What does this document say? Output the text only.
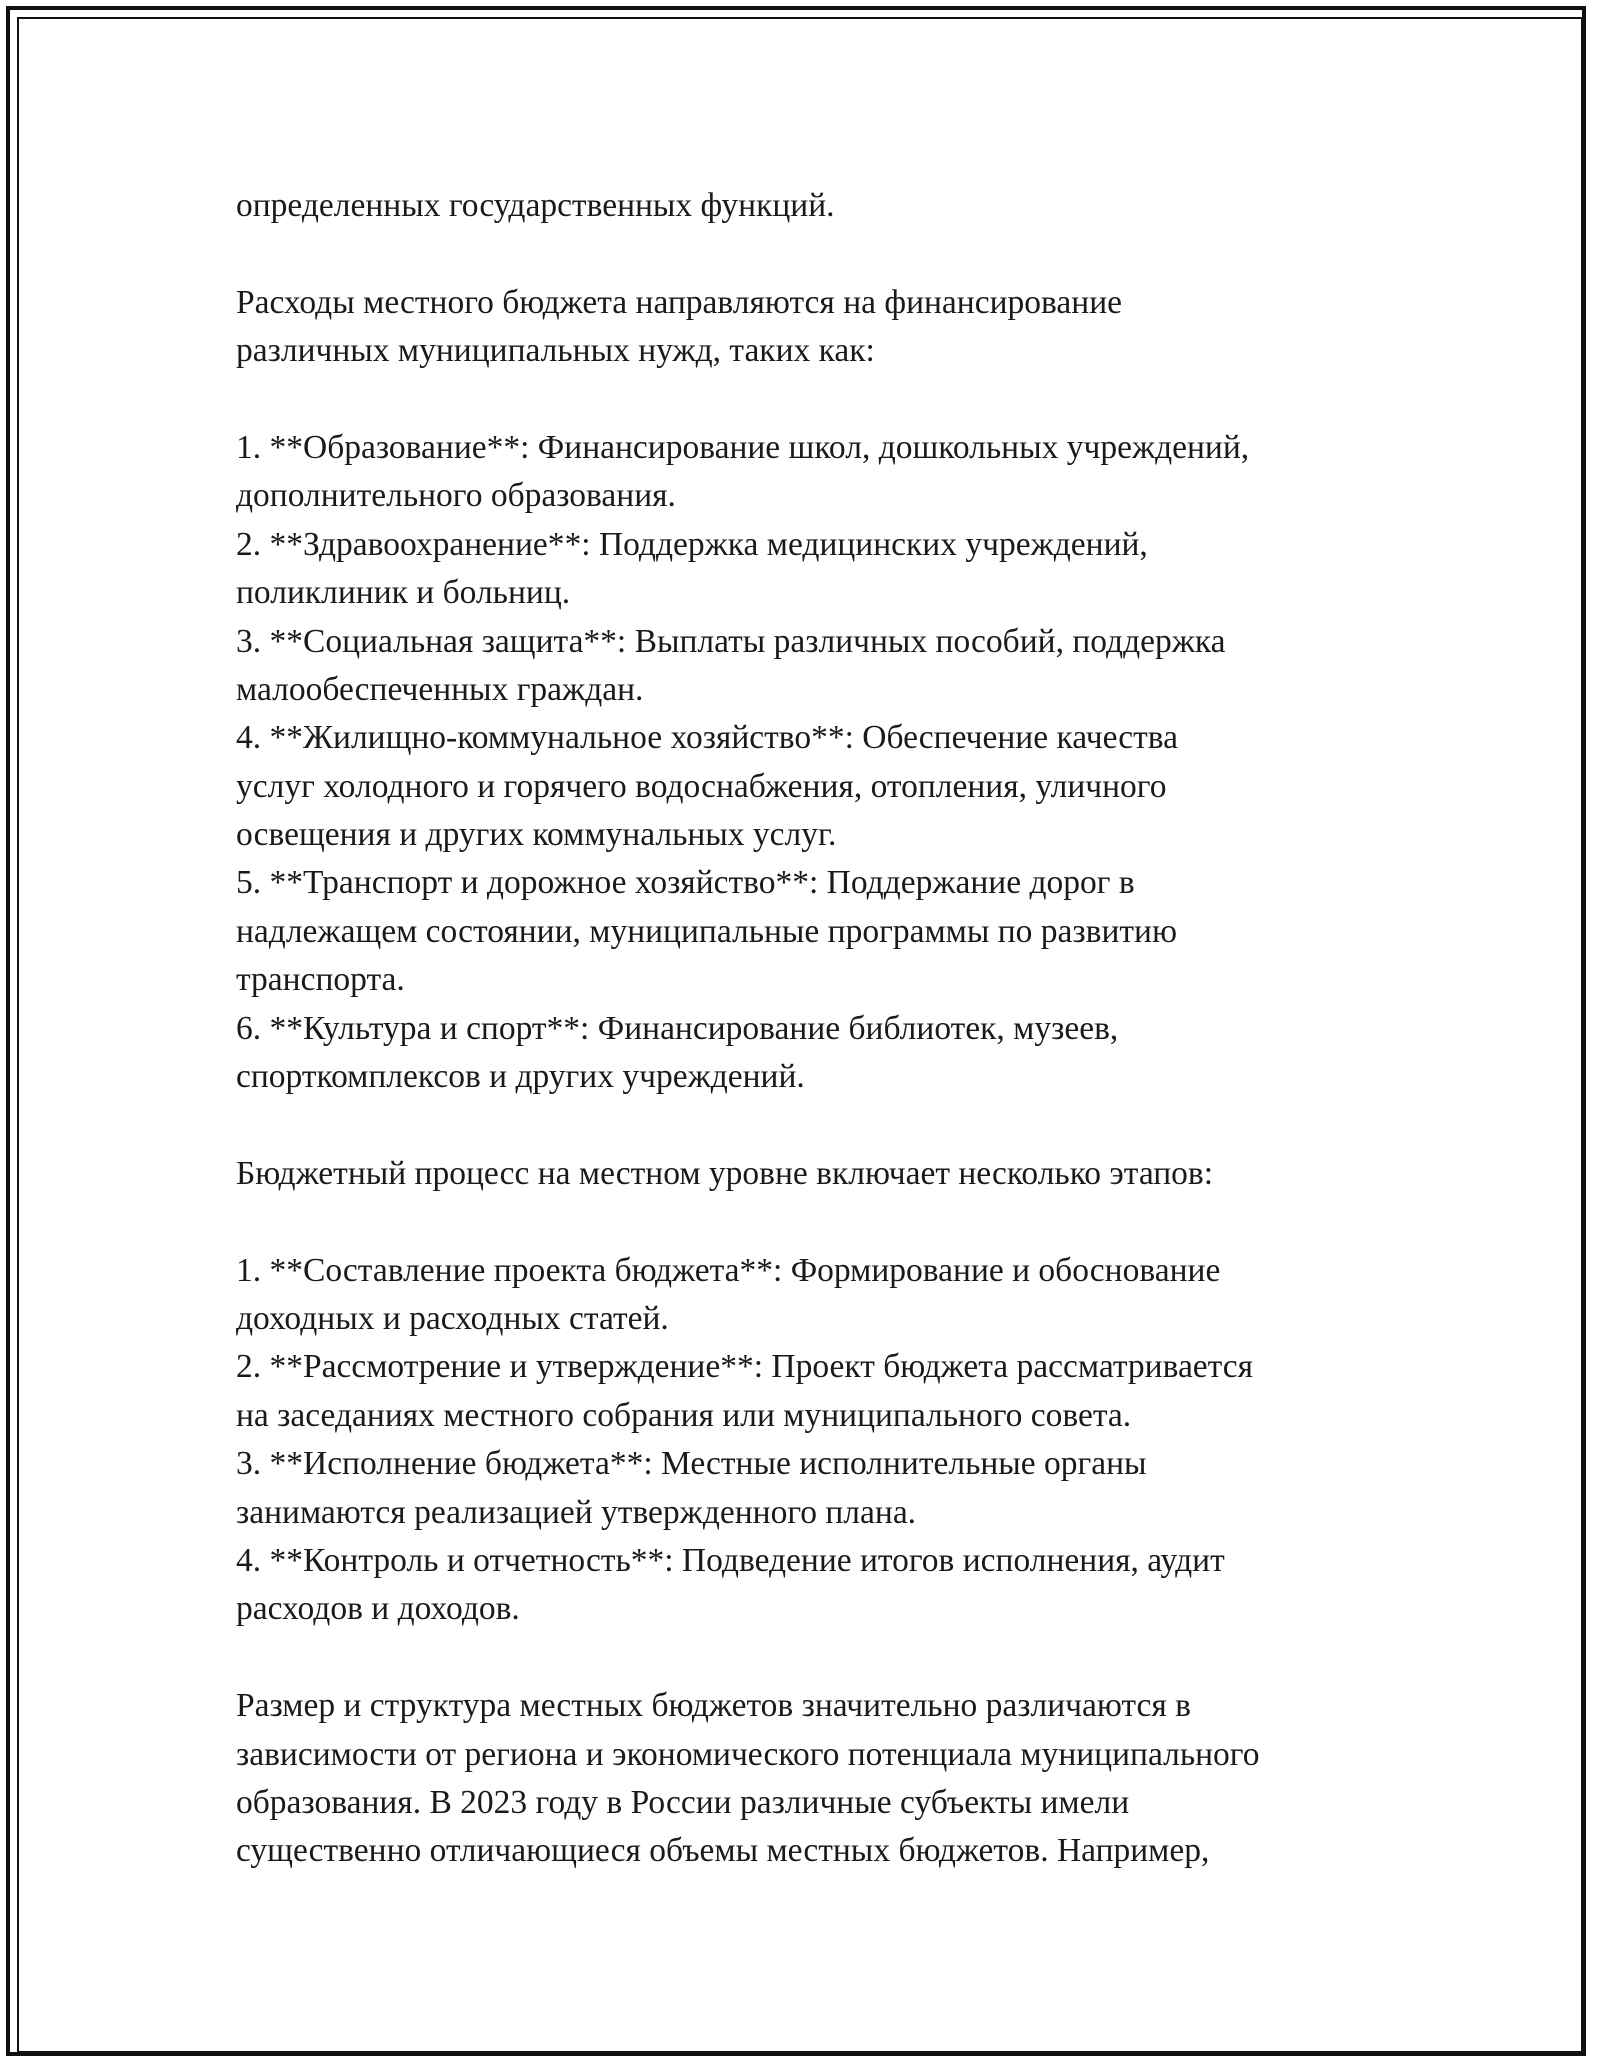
определенных государственных функций.
Расходы местного бюджета направляются на финансирование
различных муниципальных нужд, таких как:
1. **Образование**: Финансирование школ, дошкольных учреждений,
дополнительного образования.
2. **Здравоохранение**: Поддержка медицинских учреждений,
поликлиник и больниц.
3. **Социальная защита**: Выплаты различных пособий, поддержка
малообеспеченных граждан.
4. **Жилищно-коммунальное хозяйство**: Обеспечение качества
услуг холодного и горячего водоснабжения, отопления, уличного
освещения и других коммунальных услуг.
5. **Транспорт и дорожное хозяйство**: Поддержание дорог в
надлежащем состоянии, муниципальные программы по развитию
транспорта.
6. **Культура и спорт**: Финансирование библиотек, музеев,
спорткомплексов и других учреждений.
Бюджетный процесс на местном уровне включает несколько этапов:
1. **Составление проекта бюджета**: Формирование и обоснование
доходных и расходных статей.
2. **Рассмотрение и утверждение**: Проект бюджета рассматривается
на заседаниях местного собрания или муниципального совета.
3. **Исполнение бюджета**: Местные исполнительные органы
занимаются реализацией утвержденного плана.
4. **Контроль и отчетность**: Подведение итогов исполнения, аудит
расходов и доходов.
Размер и структура местных бюджетов значительно различаются в
зависимости от региона и экономического потенциала муниципального
образования. В 2023 году в России различные субъекты имели
существенно отличающиеся объемы местных бюджетов. Например,
